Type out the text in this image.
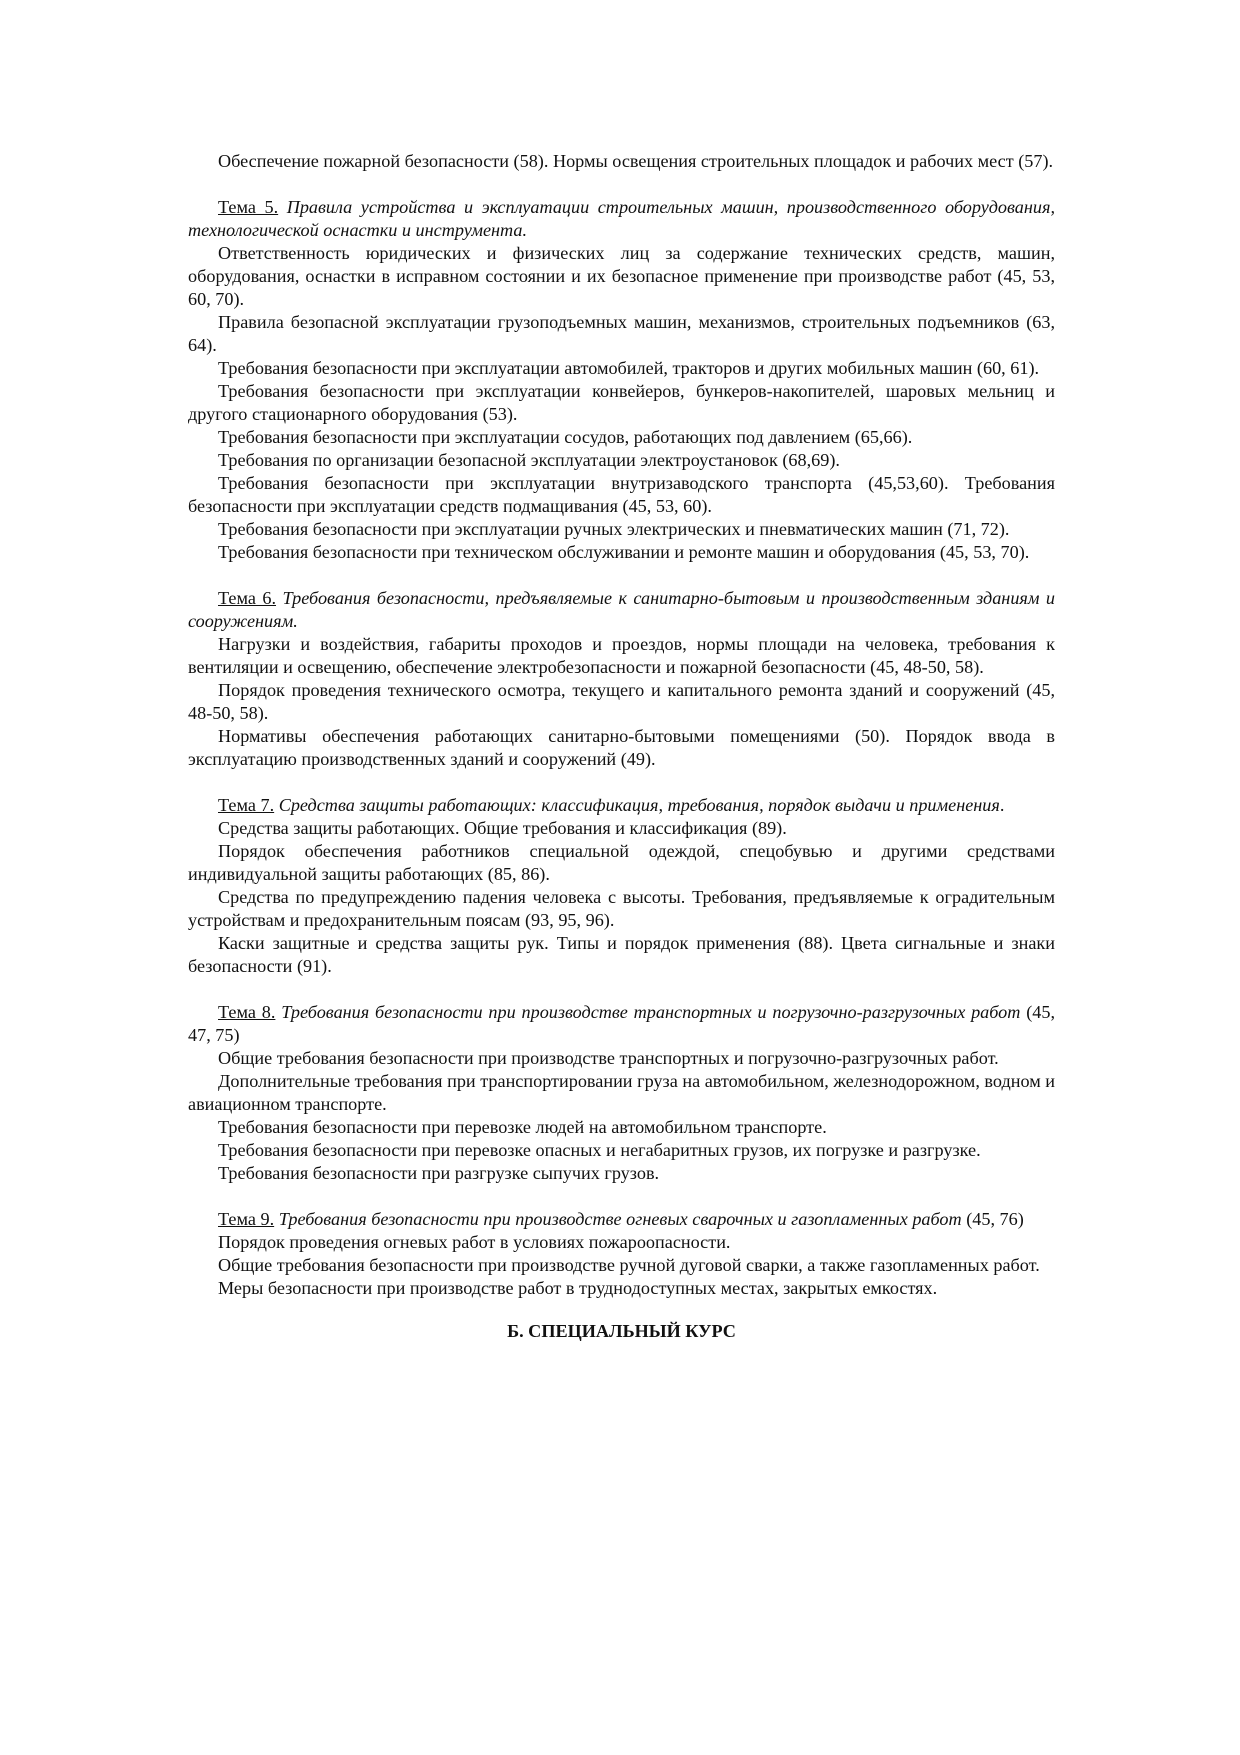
Обеспечение пожарной безопасности (58). Нормы освещения строительных площадок и рабочих мест (57).

Тема 5. Правила устройства и эксплуатации строительных машин, производственного оборудования, технологической оснастки и инструмента.

Ответственность юридических и физических лиц за содержание технических средств, машин, оборудования, оснастки в исправном состоянии и их безопасное применение при производстве работ (45, 53, 60, 70).

Правила безопасной эксплуатации грузоподъемных машин, механизмов, строительных подъемников (63, 64).

Требования безопасности при эксплуатации автомобилей, тракторов и других мобильных машин (60, 61).

Требования безопасности при эксплуатации конвейеров, бункеров-накопителей, шаровых мельниц и другого стационарного оборудования (53).

Требования безопасности при эксплуатации сосудов, работающих под давлением (65,66).

Требования по организации безопасной эксплуатации электроустановок (68,69).

Требования безопасности при эксплуатации внутризаводского транспорта (45,53,60). Требования безопасности при эксплуатации средств подмащивания (45, 53, 60).

Требования безопасности при эксплуатации ручных электрических и пневматических машин (71, 72).

Требования безопасности при техническом обслуживании и ремонте машин и оборудования (45, 53, 70).

Тема 6. Требования безопасности, предъявляемые к санитарно-бытовым и производственным зданиям и сооружениям.

Нагрузки и воздействия, габариты проходов и проездов, нормы площади на человека, требования к вентиляции и освещению, обеспечение электробезопасности и пожарной безопасности (45, 48-50, 58).

Порядок проведения технического осмотра, текущего и капитального ремонта зданий и сооружений (45, 48-50, 58).

Нормативы обеспечения работающих санитарно-бытовыми помещениями (50). Порядок ввода в эксплуатацию производственных зданий и сооружений (49).

Тема 7. Средства защиты работающих: классификация, требования, порядок выдачи и применения.

Средства защиты работающих. Общие требования и классификация (89).

Порядок обеспечения работников специальной одеждой, спецобувью и другими средствами индивидуальной защиты работающих (85, 86).

Средства по предупреждению падения человека с высоты. Требования, предъявляемые к оградительным устройствам и предохранительным поясам (93, 95, 96).

Каски защитные и средства защиты рук. Типы и порядок применения (88). Цвета сигнальные и знаки безопасности (91).

Тема 8. Требования безопасности при производстве транспортных и погрузочно-разгрузочных работ (45, 47, 75)

Общие требования безопасности при производстве транспортных и погрузочно-разгрузочных работ.

Дополнительные требования при транспортировании груза на автомобильном, железнодорожном, водном и авиационном транспорте.

Требования безопасности при перевозке людей на автомобильном транспорте.

Требования безопасности при перевозке опасных и негабаритных грузов, их погрузке и разгрузке.

Требования безопасности при разгрузке сыпучих грузов.

Тема 9. Требования безопасности при производстве огневых сварочных и газопламенных работ (45, 76)

Порядок проведения огневых работ в условиях пожароопасности.

Общие требования безопасности при производстве ручной дуговой сварки, а также газопламенных работ.

Меры безопасности при производстве работ в труднодоступных местах, закрытых емкостях.

Б. СПЕЦИАЛЬНЫЙ КУРС
